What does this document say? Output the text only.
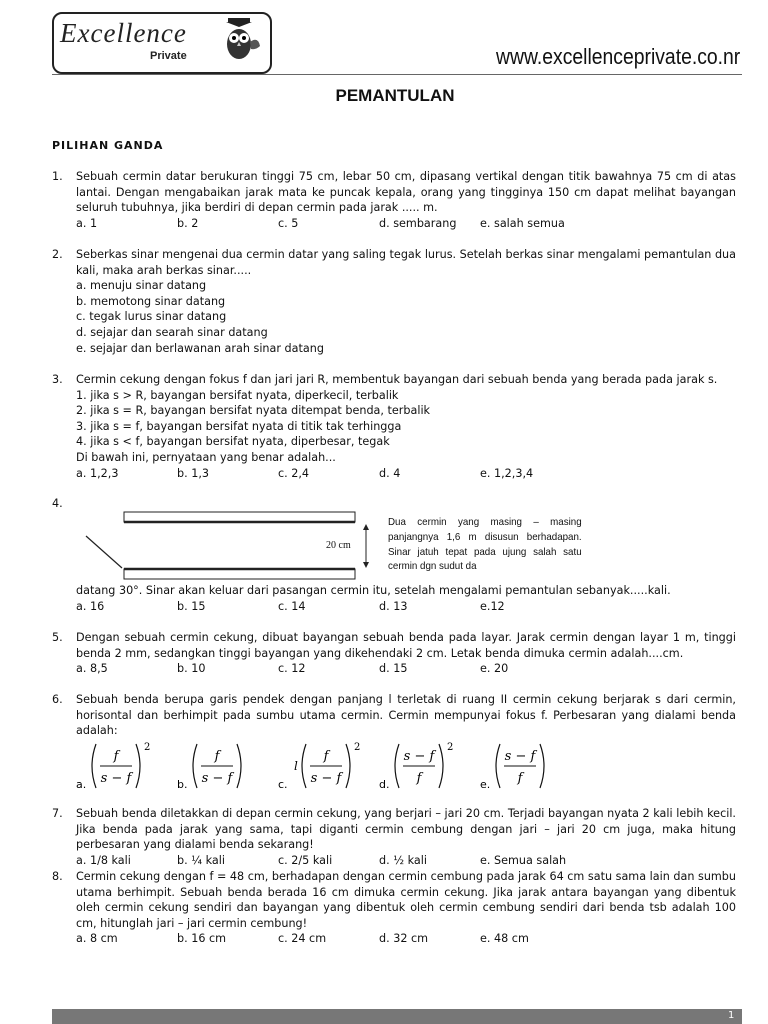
Excellence
Private	www.excellenceprivate.co.nr
PEMANTULAN
PILIHAN GANDA
1. Sebuah cermin datar berukuran tinggi 75 cm, lebar 50 cm, dipasang vertikal dengan titik bawahnya 75 cm di atas lantai. Dengan mengabaikan jarak mata ke puncak kepala, orang yang tingginya 150 cm dapat melihat bayangan seluruh tubuhnya, jika berdiri di depan cermin pada jarak ..... m.
a. 1	b. 2	c. 5	d. sembarang	e. salah semua
2. Seberkas sinar mengenai dua cermin datar yang saling tegak lurus. Setelah berkas sinar mengalami pemantulan dua kali, maka arah berkas sinar.....
a. menuju sinar datang
b. memotong sinar datang
c. tegak lurus sinar datang
d. sejajar dan searah sinar datang
e. sejajar dan berlawanan arah sinar datang
3. Cermin cekung dengan fokus f dan jari jari R, membentuk bayangan dari sebuah benda yang berada pada jarak s.
1. jika s > R, bayangan bersifat nyata, diperkecil, terbalik
2. jika s = R, bayangan bersifat nyata ditempat benda, terbalik
3. jika s = f, bayangan bersifat nyata di titik tak terhingga
4. jika s < f, bayangan bersifat nyata, diperbesar, tegak
Di bawah ini, pernyataan yang benar adalah...
a. 1,2,3	b. 1,3	c. 2,4	d. 4	e. 1,2,3,4
4.
20 cm
Dua cermin yang masing – masing panjangnya 1,6 m disusun berhadapan. Sinar jatuh tepat pada ujung salah satu cermin dgn sudut da
datang 30°. Sinar akan keluar dari pasangan cermin itu, setelah mengalami pemantulan sebanyak.....kali.
a. 16	b. 15	c. 14	d. 13	e.12
5. Dengan sebuah cermin cekung, dibuat bayangan sebuah benda pada layar. Jarak cermin dengan layar 1 m, tinggi benda 2 mm, sedangkan tinggi bayangan yang dikehendaki 2 cm. Letak benda dimuka cermin adalah....cm.
a. 8,5	b. 10	c. 12	d. 15	e. 20
6. Sebuah benda berupa garis pendek dengan panjang l terletak di ruang II cermin cekung berjarak s dari cermin, horisontal dan berhimpit pada sumbu utama cermin. Cermin mempunyai fokus f. Perbesaran yang dialami benda adalah:
a.
f
s − f
2
b.
f
s − f	c.
l
f
s − f
2
d.
s − f
f
2
e.
s − f
f
7. Sebuah benda diletakkan di depan cermin cekung, yang berjari – jari 20 cm. Terjadi bayangan nyata 2 kali lebih kecil. Jika benda pada jarak yang sama, tapi diganti cermin cembung dengan jari – jari 20 cm juga, maka hitung perbesaran yang dialami benda sekarang!
a. 1/8 kali	b. ¼ kali	c. 2/5 kali	d. ½ kali	e. Semua salah
8. Cermin cekung dengan f = 48 cm, berhadapan dengan cermin cembung pada jarak 64 cm satu sama lain dan sumbu utama berhimpit. Sebuah benda berada 16 cm dimuka cermin cekung. Jika jarak antara bayangan yang dibentuk oleh cermin cekung sendiri dan bayangan yang dibentuk oleh cermin cembung sendiri dari benda tsb adalah 100 cm, hitunglah jari – jari cermin cembung!
a. 8 cm	b. 16 cm	c. 24 cm	d. 32 cm	e. 48 cm
1
